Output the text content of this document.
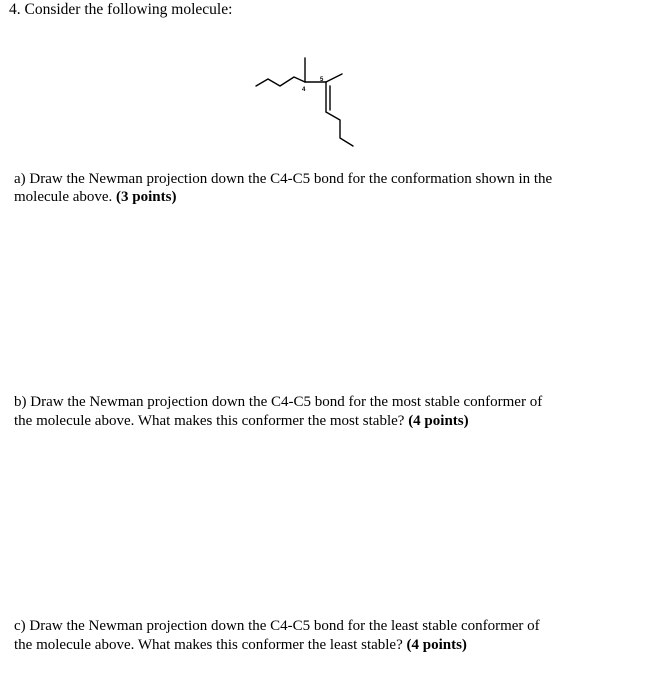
4. Consider the following molecule:
4
5
a) Draw the Newman projection down the C4-C5 bond for the conformation shown in the
molecule above. (3 points)
b) Draw the Newman projection down the C4-C5 bond for the most stable conformer of
the molecule above. What makes this conformer the most stable? (4 points)
c) Draw the Newman projection down the C4-C5 bond for the least stable conformer of
the molecule above. What makes this conformer the least stable? (4 points)
